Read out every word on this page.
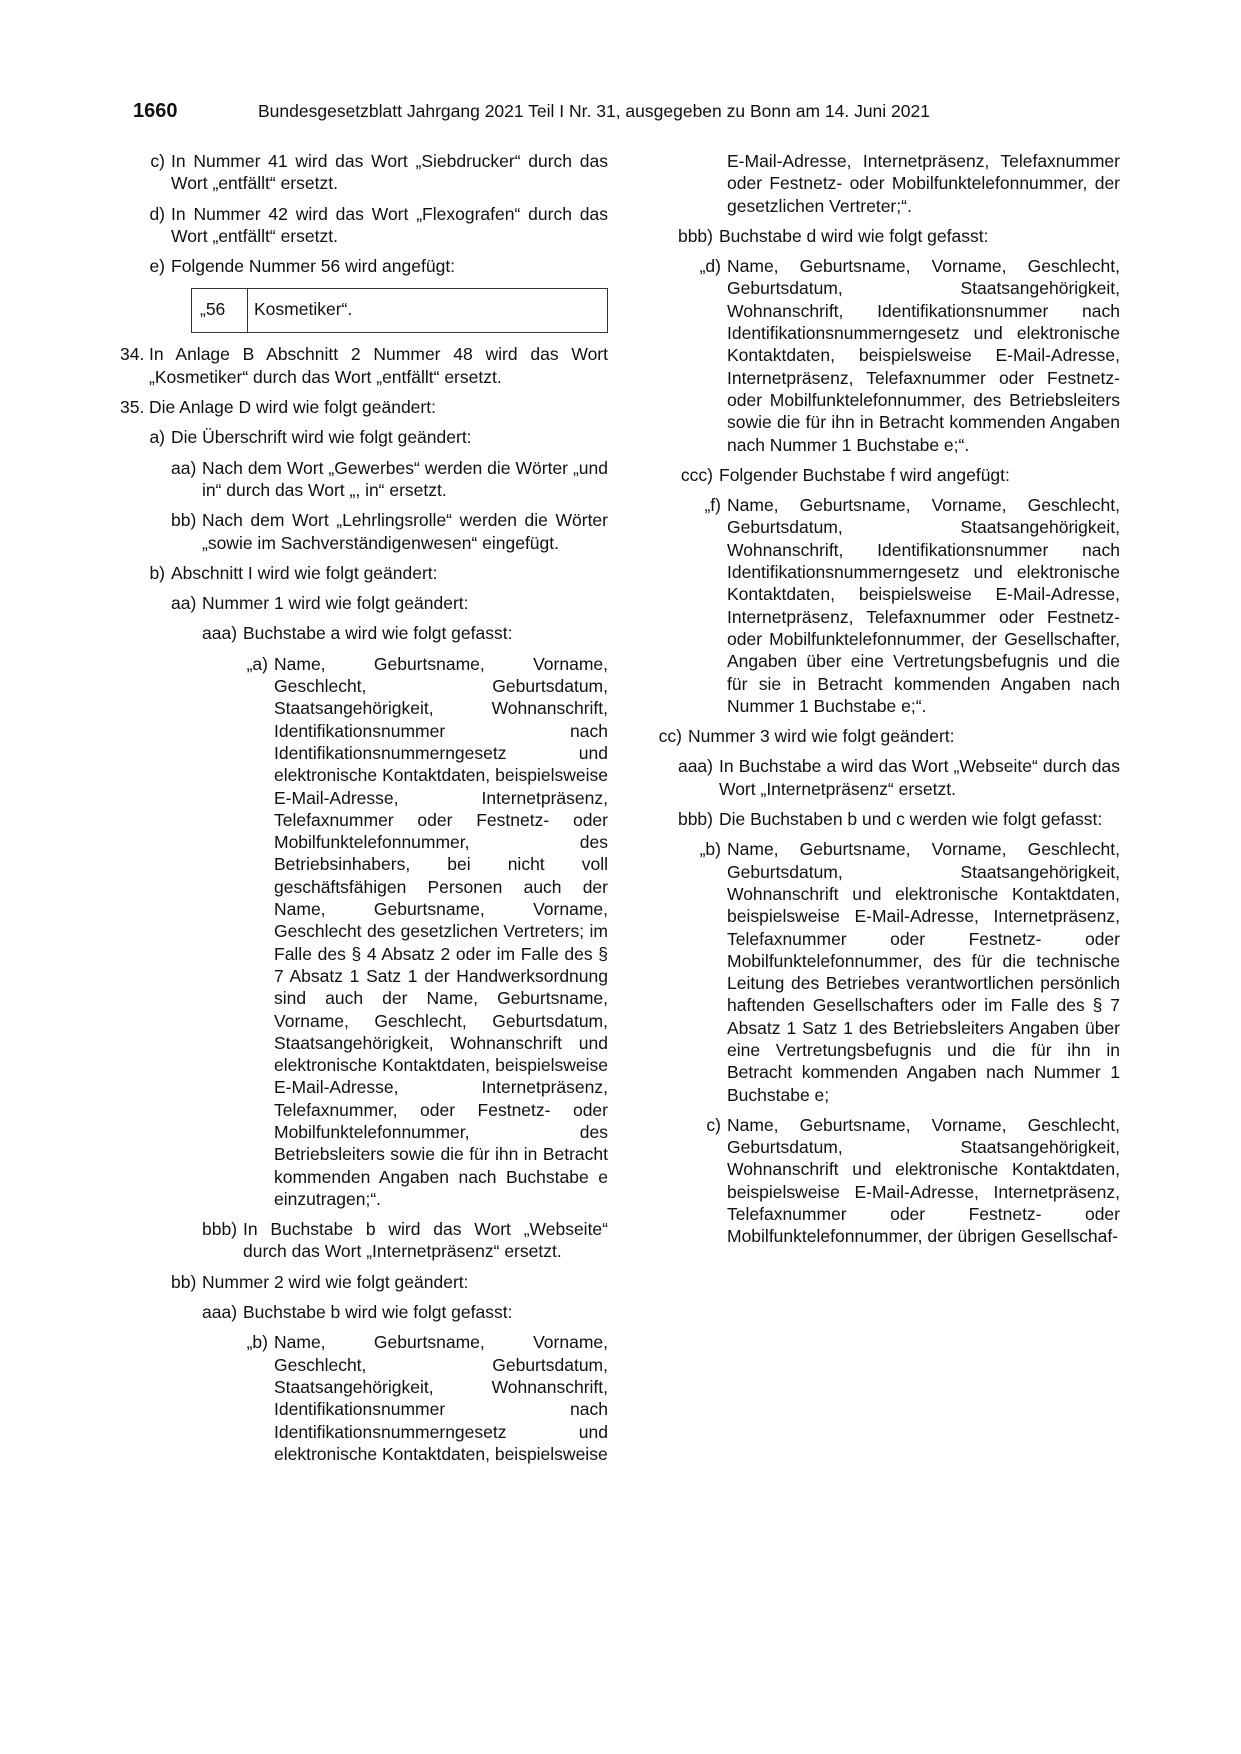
1660	Bundesgesetzblatt Jahrgang 2021 Teil I Nr. 31, ausgegeben zu Bonn am 14. Juni 2021
c) In Nummer 41 wird das Wort „Siebdrucker“ durch das Wort „entfällt“ ersetzt.
d) In Nummer 42 wird das Wort „Flexografen“ durch das Wort „entfällt“ ersetzt.
e) Folgende Nummer 56 wird angefügt:
„56	Kosmetiker“.
34. In Anlage B Abschnitt 2 Nummer 48 wird das Wort „Kosmetiker“ durch das Wort „entfällt“ ersetzt.
35. Die Anlage D wird wie folgt geändert:
a) Die Überschrift wird wie folgt geändert:
aa) Nach dem Wort „Gewerbes“ werden die Wörter „und in“ durch das Wort „, in“ ersetzt.
bb) Nach dem Wort „Lehrlingsrolle“ werden die Wörter „sowie im Sachverständigenwesen“ eingefügt.
b) Abschnitt I wird wie folgt geändert:
aa) Nummer 1 wird wie folgt geändert:
aaa) Buchstabe a wird wie folgt gefasst:
„a) Name, Geburtsname, Vorname, Geschlecht, Geburtsdatum, Staatsangehörigkeit, Wohnanschrift, Identifikationsnummer nach Identifikationsnummerngesetz und elektronische Kontaktdaten, beispielsweise E-Mail-Adresse, Internetpräsenz, Telefaxnummer oder Festnetz- oder Mobilfunktelefonnummer, des Betriebsinhabers, bei nicht voll geschäftsfähigen Personen auch der Name, Geburtsname, Vorname, Geschlecht des gesetzlichen Vertreters; im Falle des § 4 Absatz 2 oder im Falle des § 7 Absatz 1 Satz 1 der Handwerksordnung sind auch der Name, Geburtsname, Vorname, Geschlecht, Geburtsdatum, Staatsangehörigkeit, Wohnanschrift und elektronische Kontaktdaten, beispielsweise E-Mail-Adresse, Internetpräsenz, Telefaxnummer, oder Festnetz- oder Mobilfunktelefonnummer, des Betriebsleiters sowie die für ihn in Betracht kommenden Angaben nach Buchstabe e einzutragen;“.
bbb) In Buchstabe b wird das Wort „Webseite“ durch das Wort „Internetpräsenz“ ersetzt.
bb) Nummer 2 wird wie folgt geändert:
aaa) Buchstabe b wird wie folgt gefasst:
„b) Name, Geburtsname, Vorname, Geschlecht, Geburtsdatum, Staatsangehörigkeit, Wohnanschrift, Identifikationsnummer nach Identifikationsnummerngesetz und elektronische Kontaktdaten, beispielsweise
E-Mail-Adresse, Internetpräsenz, Telefaxnummer oder Festnetz- oder Mobilfunktelefonnummer, der gesetzlichen Vertreter;“.
bbb) Buchstabe d wird wie folgt gefasst:
„d) Name, Geburtsname, Vorname, Geschlecht, Geburtsdatum, Staatsangehörigkeit, Wohnanschrift, Identifikationsnummer nach Identifikationsnummerngesetz und elektronische Kontaktdaten, beispielsweise E-Mail-Adresse, Internetpräsenz, Telefaxnummer oder Festnetz- oder Mobilfunktelefonnummer, des Betriebsleiters sowie die für ihn in Betracht kommenden Angaben nach Nummer 1 Buchstabe e;“.
ccc) Folgender Buchstabe f wird angefügt:
„f) Name, Geburtsname, Vorname, Geschlecht, Geburtsdatum, Staatsangehörigkeit, Wohnanschrift, Identifikationsnummer nach Identifikationsnummerngesetz und elektronische Kontaktdaten, beispielsweise E-Mail-Adresse, Internetpräsenz, Telefaxnummer oder Festnetz- oder Mobilfunktelefonnummer, der Gesellschafter, Angaben über eine Vertretungsbefugnis und die für sie in Betracht kommenden Angaben nach Nummer 1 Buchstabe e;“.
cc) Nummer 3 wird wie folgt geändert:
aaa) In Buchstabe a wird das Wort „Webseite“ durch das Wort „Internetpräsenz“ ersetzt.
bbb) Die Buchstaben b und c werden wie folgt gefasst:
„b) Name, Geburtsname, Vorname, Geschlecht, Geburtsdatum, Staatsangehörigkeit, Wohnanschrift und elektronische Kontaktdaten, beispielsweise E-Mail-Adresse, Internetpräsenz, Telefaxnummer oder Festnetz- oder Mobilfunktelefonnummer, des für die technische Leitung des Betriebes verantwortlichen persönlich haftenden Gesellschafters oder im Falle des § 7 Absatz 1 Satz 1 des Betriebsleiters Angaben über eine Vertretungsbefugnis und die für ihn in Betracht kommenden Angaben nach Nummer 1 Buchstabe e;
c) Name, Geburtsname, Vorname, Geschlecht, Geburtsdatum, Staatsangehörigkeit, Wohnanschrift und elektronische Kontaktdaten, beispielsweise E-Mail-Adresse, Internetpräsenz, Telefaxnummer oder Festnetz- oder Mobilfunktelefonnummer, der übrigen Gesellschaf-
